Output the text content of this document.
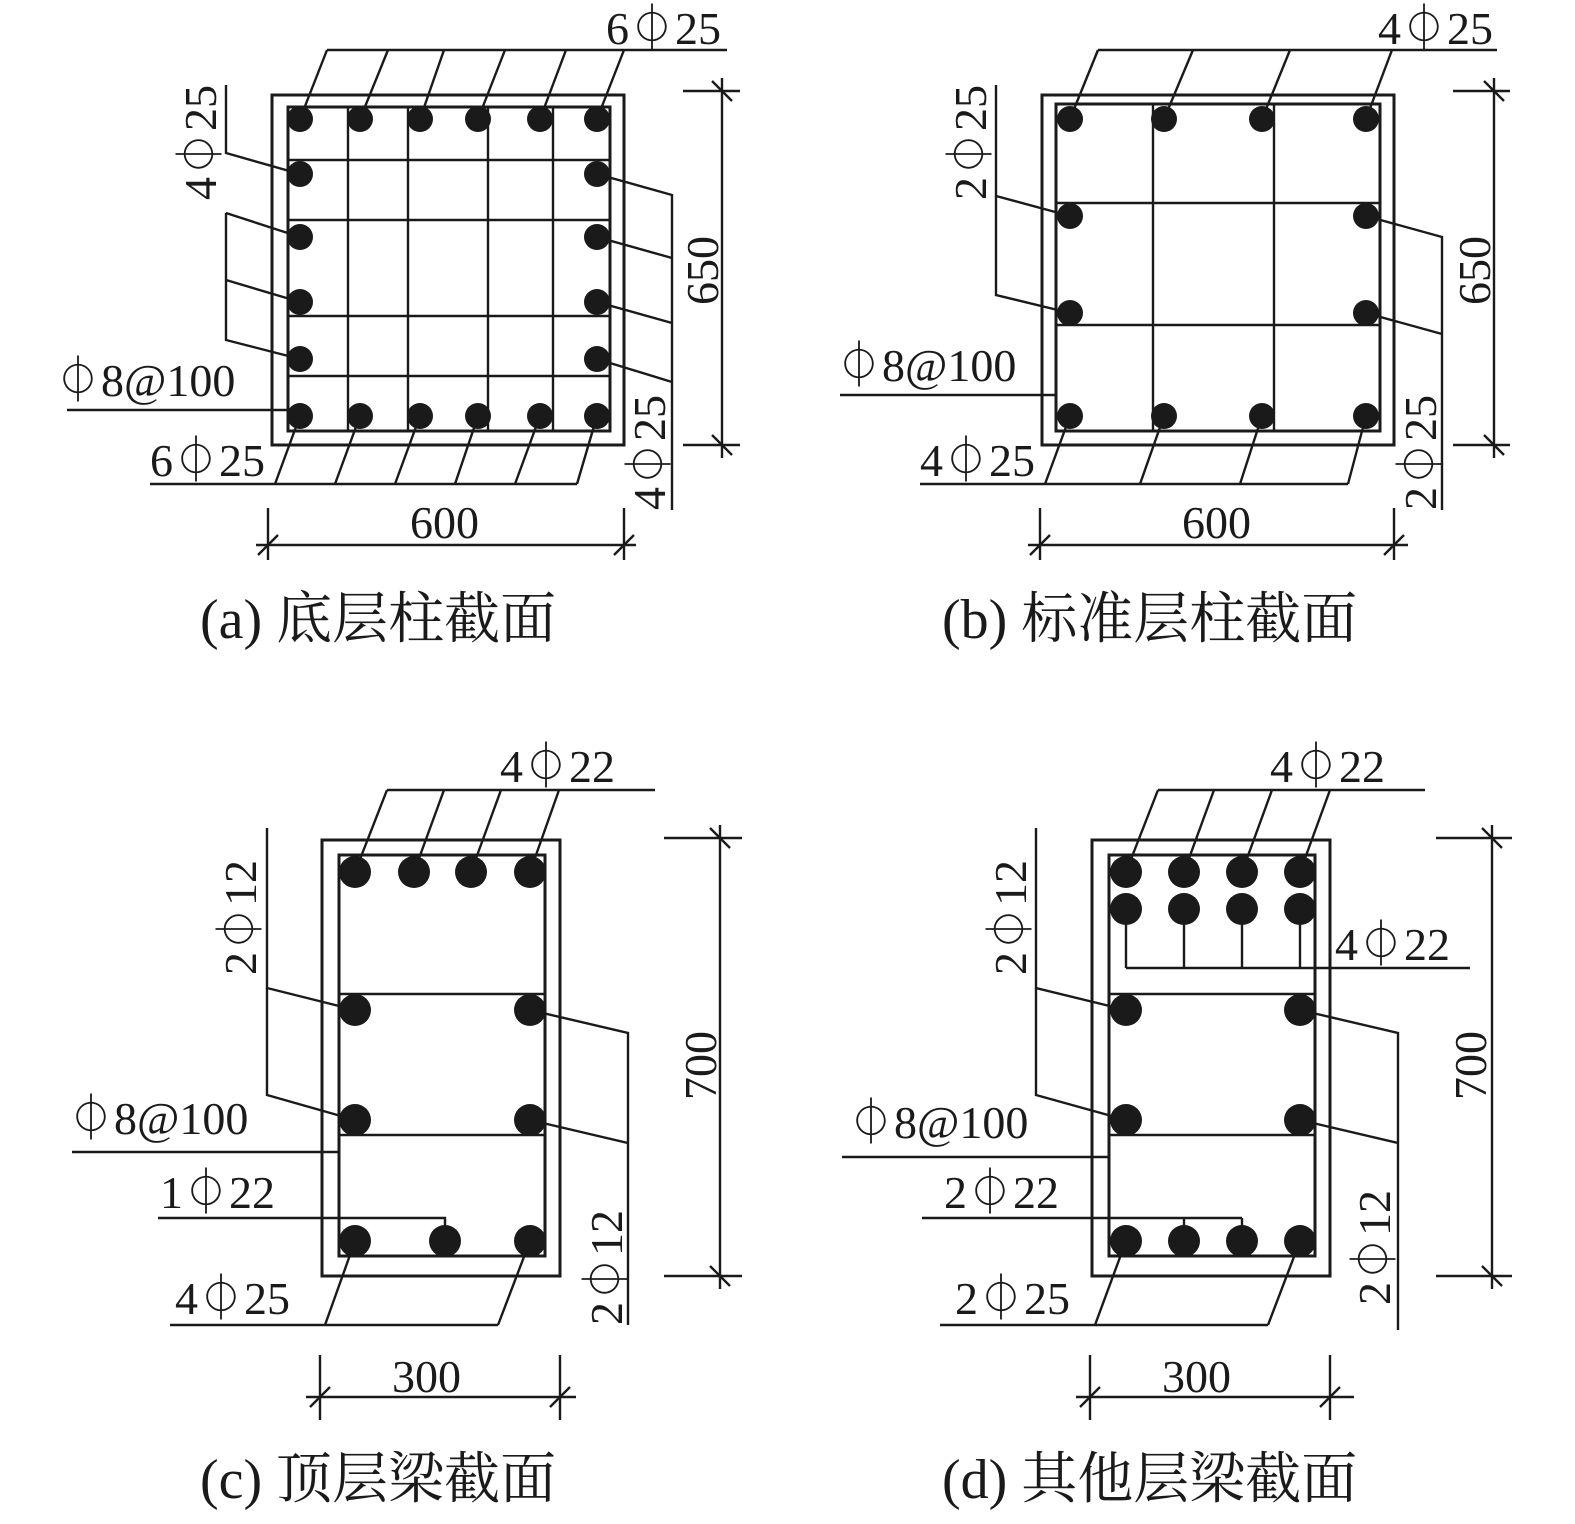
6⏀25
4⏀25
⏀8@100
6⏀25	4⏀25
650
600
(a) 底层柱截面
4⏀25
2⏀25
⏀8@100
4⏀25	2⏀25
650
600
(b) 标准层柱截面
4⏀22
2⏀12
⏀8@100
1⏀22
4⏀25	2⏀12
700
300
(c) 顶层梁截面
4⏀22
4⏀22
2⏀12
⏀8@100
2⏀22
2⏀25	2⏀12
700
300
(d) 其他层梁截面
